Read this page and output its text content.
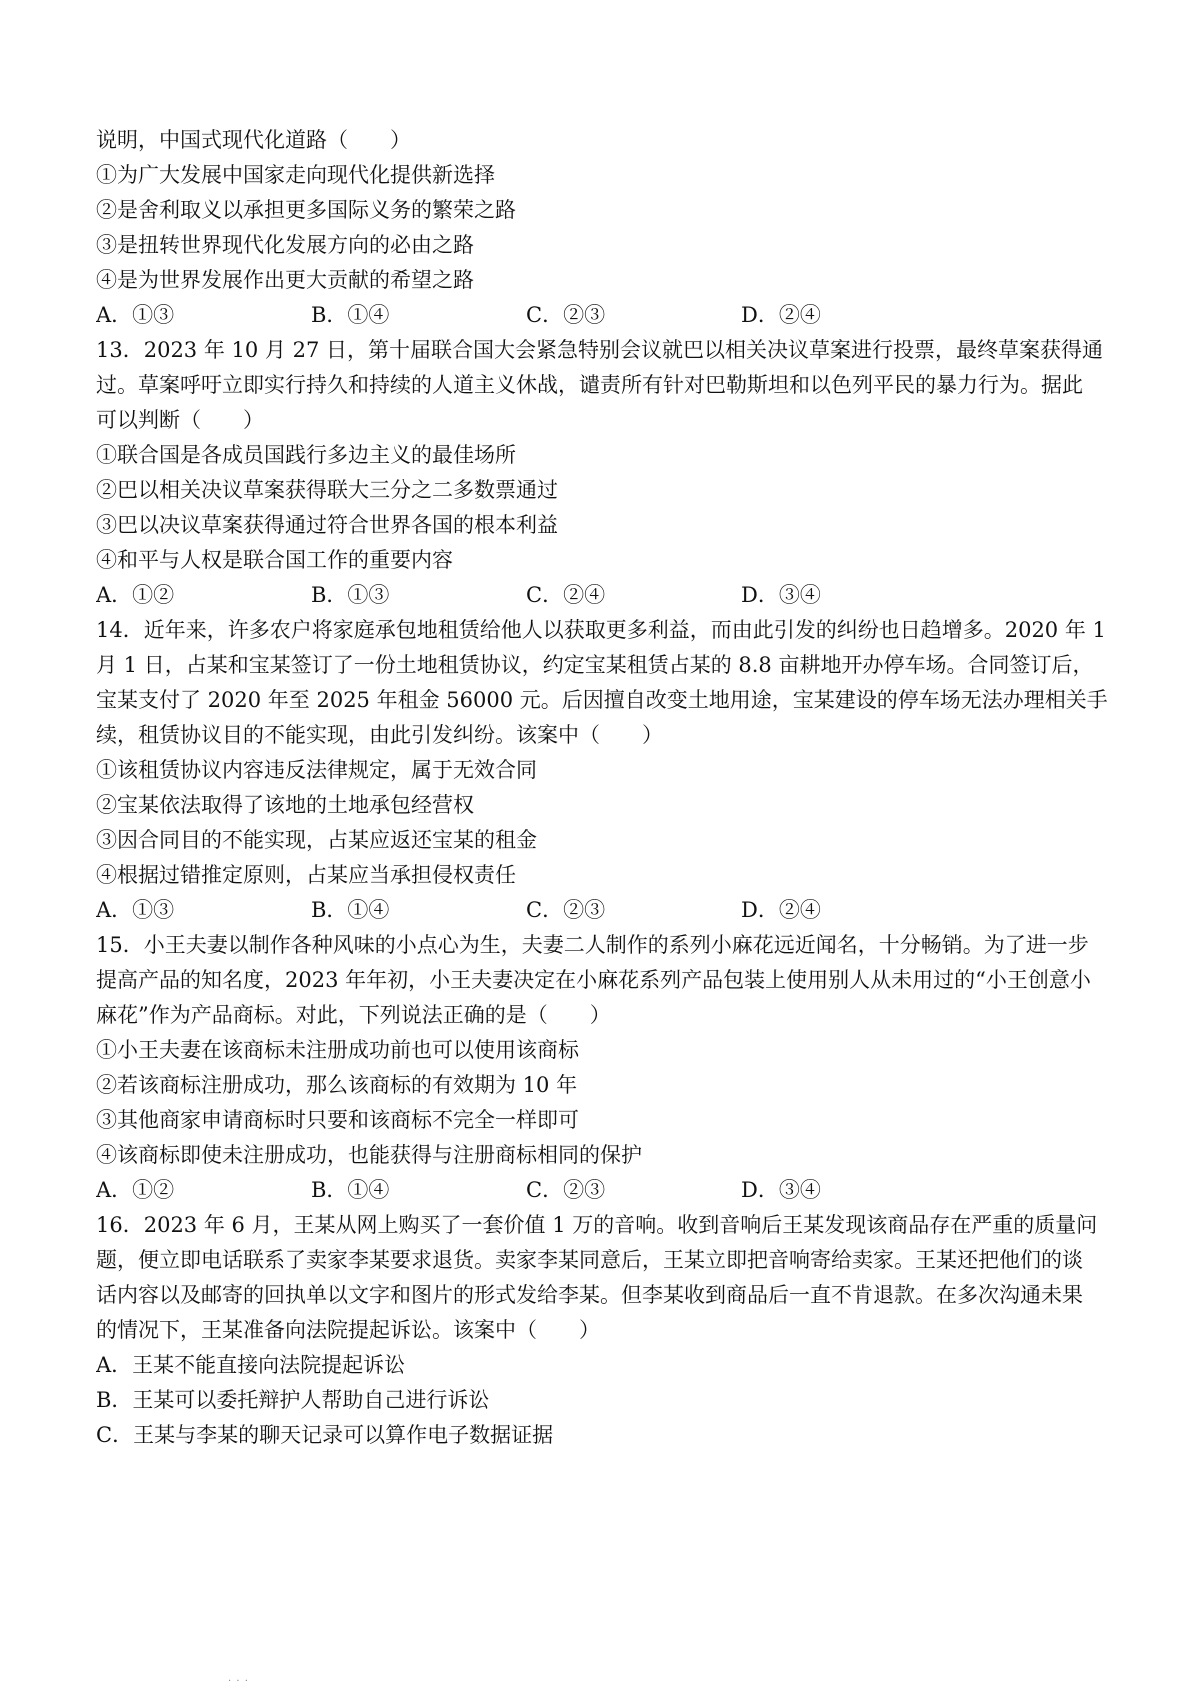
说明，中国式现代化道路（　　）
①为广大发展中国家走向现代化提供新选择
②是舍利取义以承担更多国际义务的繁荣之路
③是扭转世界现代化发展方向的必由之路
④是为世界发展作出更大贡献的希望之路
A．①③	B．①④	C．②③	D．②④
13．2023 年 10 月 27 日，第十届联合国大会紧急特别会议就巴以相关决议草案进行投票，最终草案获得通
过。草案呼吁立即实行持久和持续的人道主义休战，谴责所有针对巴勒斯坦和以色列平民的暴力行为。据此
可以判断（　　）
①联合国是各成员国践行多边主义的最佳场所
②巴以相关决议草案获得联大三分之二多数票通过
③巴以决议草案获得通过符合世界各国的根本利益
④和平与人权是联合国工作的重要内容
A．①②	B．①③	C．②④	D．③④
14．近年来，许多农户将家庭承包地租赁给他人以获取更多利益，而由此引发的纠纷也日趋增多。2020 年 1
月 1 日，占某和宝某签订了一份土地租赁协议，约定宝某租赁占某的 8.8 亩耕地开办停车场。合同签订后，
宝某支付了 2020 年至 2025 年租金 56000 元。后因擅自改变土地用途，宝某建设的停车场无法办理相关手
续，租赁协议目的不能实现，由此引发纠纷。该案中（　　）
①该租赁协议内容违反法律规定，属于无效合同
②宝某依法取得了该地的土地承包经营权
③因合同目的不能实现，占某应返还宝某的租金
④根据过错推定原则，占某应当承担侵权责任
A．①③	B．①④	C．②③	D．②④
15．小王夫妻以制作各种风味的小点心为生，夫妻二人制作的系列小麻花远近闻名，十分畅销。为了进一步
提高产品的知名度，2023 年年初，小王夫妻决定在小麻花系列产品包装上使用别人从未用过的“小王创意小
麻花”作为产品商标。对此，下列说法正确的是（　　）
①小王夫妻在该商标未注册成功前也可以使用该商标
②若该商标注册成功，那么该商标的有效期为 10 年
③其他商家申请商标时只要和该商标不完全一样即可
④该商标即使未注册成功，也能获得与注册商标相同的保护
A．①②	B．①④	C．②③	D．③④
16．2023 年 6 月，王某从网上购买了一套价值 1 万的音响。收到音响后王某发现该商品存在严重的质量问
题，便立即电话联系了卖家李某要求退货。卖家李某同意后，王某立即把音响寄给卖家。王某还把他们的谈
话内容以及邮寄的回执单以文字和图片的形式发给李某。但李某收到商品后一直不肯退款。在多次沟通未果
的情况下，王某准备向法院提起诉讼。该案中（　　）
A．王某不能直接向法院提起诉讼
B．王某可以委托辩护人帮助自己进行诉讼
C．王某与李某的聊天记录可以算作电子数据证据
· · ·
